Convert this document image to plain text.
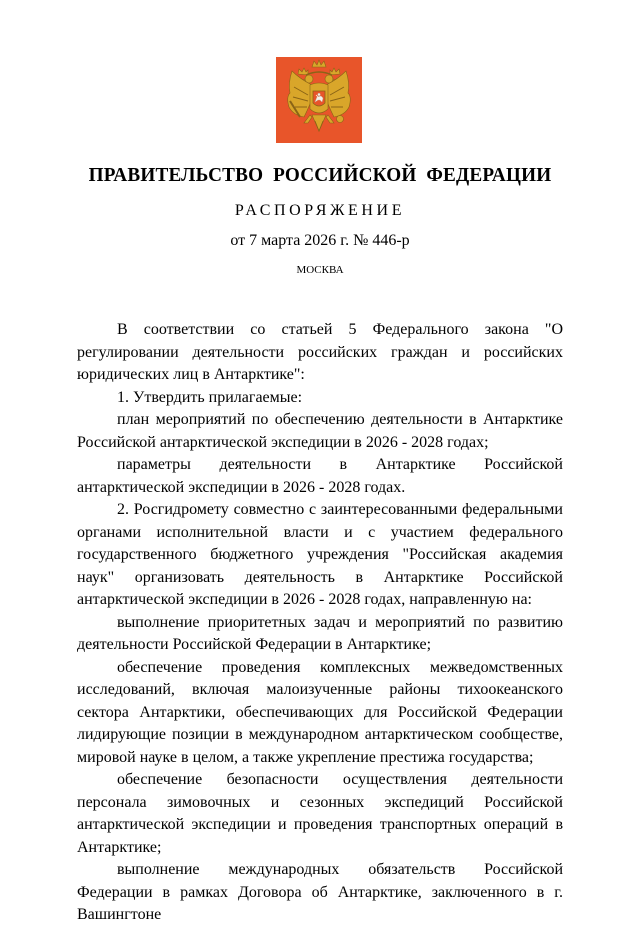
ПРАВИТЕЛЬСТВО РОССИЙСКОЙ ФЕДЕРАЦИИ
РАСПОРЯЖЕНИЕ
от 7 марта 2026 г. № 446-р
МОСКВА

В соответствии со статьей 5 Федерального закона "О регулировании деятельности российских граждан и российских юридических лиц в Антарктике":

1. Утвердить прилагаемые:

план мероприятий по обеспечению деятельности в Антарктике Российской антарктической экспедиции в 2026 - 2028 годах;

параметры деятельности в Антарктике Российской антарктической экспедиции в 2026 - 2028 годах.

2. Росгидромету совместно с заинтересованными федеральными органами исполнительной власти и с участием федерального государственного бюджетного учреждения "Российская академия наук" организовать деятельность в Антарктике Российской антарктической экспедиции в 2026 - 2028 годах, направленную на:

выполнение приоритетных задач и мероприятий по развитию деятельности Российской Федерации в Антарктике;

обеспечение проведения комплексных межведомственных исследований, включая малоизученные районы тихоокеанского сектора Антарктики, обеспечивающих для Российской Федерации лидирующие позиции в международном антарктическом сообществе, мировой науке в целом, а также укрепление престижа государства;

обеспечение безопасности осуществления деятельности персонала зимовочных и сезонных экспедиций Российской антарктической экспедиции и проведения транспортных операций в Антарктике;

выполнение международных обязательств Российской Федерации в рамках Договора об Антарктике, заключенного в г. Вашингтоне
